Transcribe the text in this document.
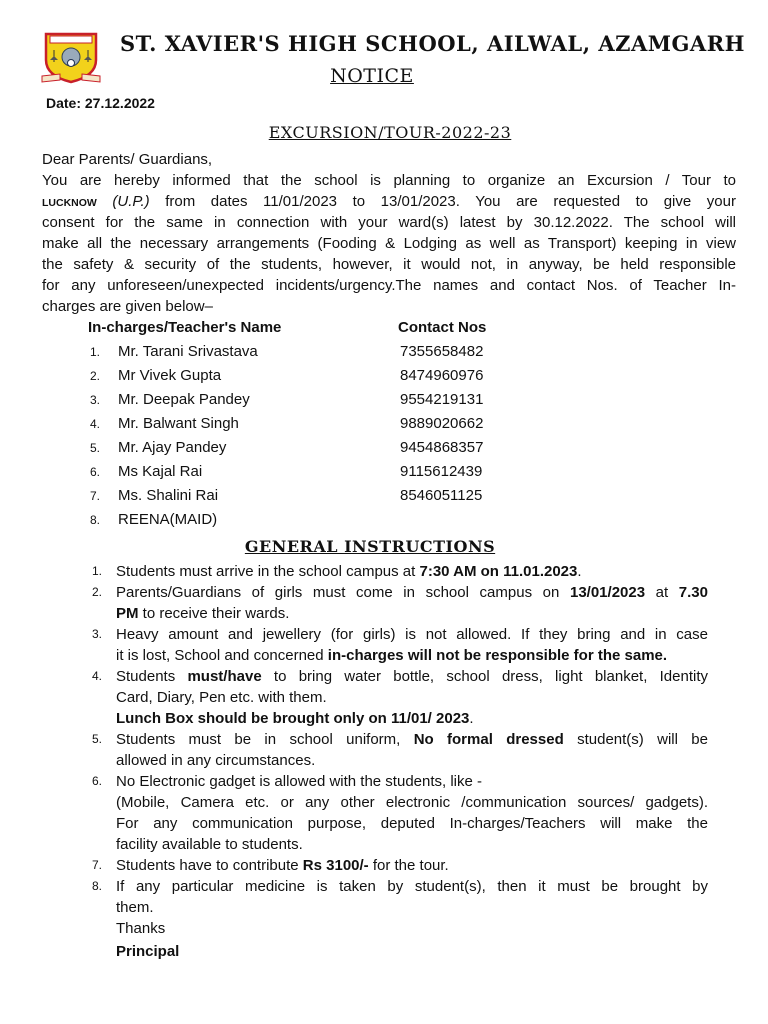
ST. XAVIER'S HIGH SCHOOL, AILWAL, AZAMGARH
NOTICE
Date: 27.12.2022
EXCURSION/TOUR-2022-23
Dear Parents/ Guardians,
You are hereby informed that the school is planning to organize an Excursion / Tour to
LUCKNOW (U.P.) from dates 11/01/2023 to 13/01/2023. You are requested to give your
consent for the same in connection with your ward(s) latest by 30.12.2022. The school will
make all the necessary arrangements (Fooding & Lodging as well as Transport) keeping in view
the safety & security of the students, however, it would not, in anyway, be held responsible
for any unforeseen/unexpected incidents/urgency.The names and contact Nos. of Teacher In-
charges are given below–
In-charges/Teacher's Name	Contact Nos
1.	Mr. Tarani Srivastava	7355658482
2.	Mr Vivek Gupta	8474960976
3.	Mr. Deepak Pandey	9554219131
4.	Mr. Balwant Singh	9889020662
5.	Mr. Ajay Pandey	9454868357
6.	Ms Kajal Rai	9115612439
7.	Ms. Shalini Rai	8546051125
8.	REENA(MAID)
GENERAL INSTRUCTIONS
1. Students must arrive in the school campus at 7:30 AM on 11.01.2023.
2. Parents/Guardians of girls must come in school campus on 13/01/2023 at 7.30
PM to receive their wards.
3. Heavy amount and jewellery (for girls) is not allowed. If they bring and in case
it is lost, School and concerned in-charges will not be responsible for the same.
4. Students must/have to bring water bottle, school dress, light blanket, Identity
Card, Diary, Pen etc. with them.
Lunch Box should be brought only on 11/01/ 2023.
5. Students must be in school uniform, No formal dressed student(s) will be
allowed in any circumstances.
6. No Electronic gadget is allowed with the students, like -
(Mobile, Camera etc. or any other electronic /communication sources/ gadgets).
For any communication purpose, deputed In-charges/Teachers will make the
facility available to students.
7. Students have to contribute Rs 3100/- for the tour.
8. If any particular medicine is taken by student(s), then it must be brought by
them.
Thanks
Principal
